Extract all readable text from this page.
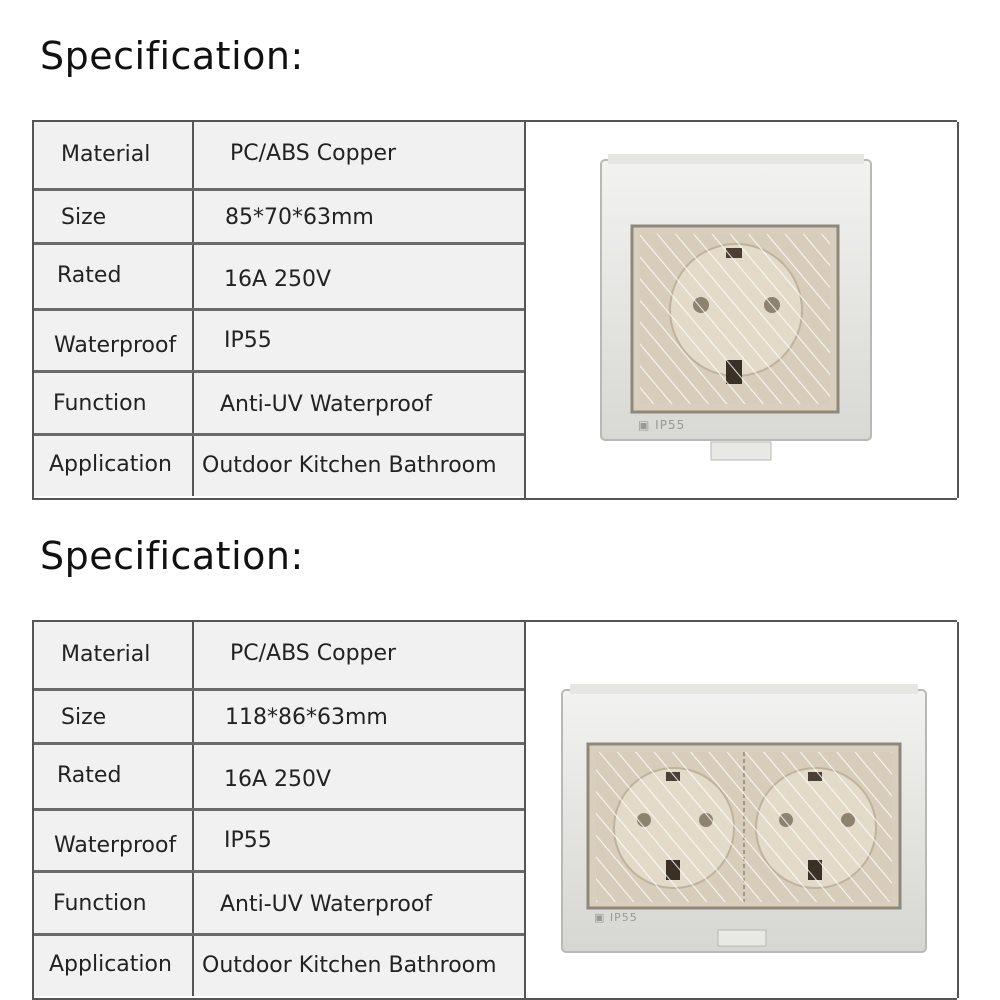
Specification:
Material	PC/ABS Copper
Size	85*70*63mm
Rated	16A 250V
Waterproof IP55
Function	Anti-UV Waterproof
Application Outdoor Kitchen Bathroom
▣ IP55
Specification:
Material	PC/ABS Copper
Size	118*86*63mm
Rated	16A 250V
Waterproof IP55
Function	Anti-UV Waterproof
Application Outdoor Kitchen Bathroom
▣ IP55
